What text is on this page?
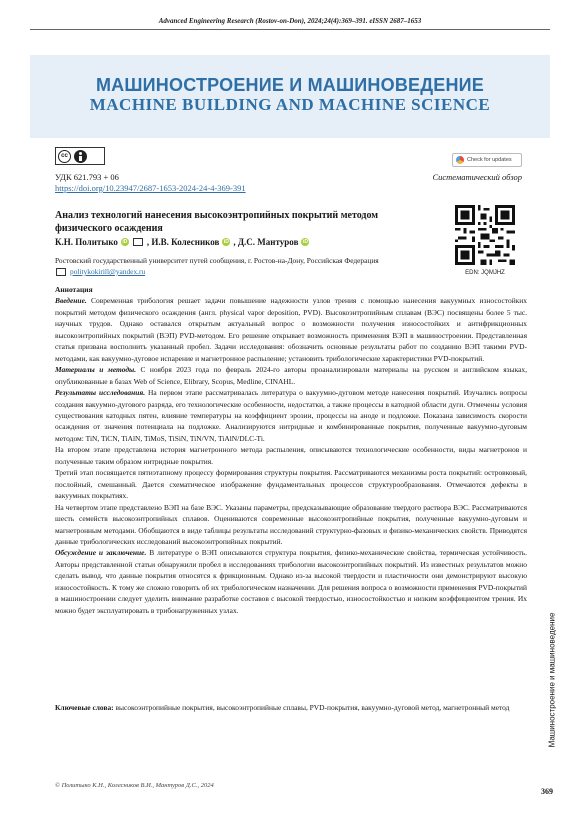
Advanced Engineering Research (Rostov-on-Don), 2024;24(4):369–391. eISSN 2687–1653
МАШИНОСТРОЕНИЕ И МАШИНОВЕДЕНИЕ
MACHINE BUILDING AND MACHINE SCIENCE
cc
Check for updates
УДК 621.793 + 06
https://doi.org/10.23947/2687-1653-2024-24-4-369-391
Систематический обзор
Анализ технологий нанесения высокоэнтропийных покрытий методом физического осаждения
EDN: JQMJHZ
К.Н. Политыко iD , И.В. Колесников iD , Д.С. Мантуров iD
Ростовский государственный университет путей сообщения, г. Ростов-на-Дону, Российская Федерация
politykokirill@yandex.ru
Аннотация

Введение. Современная трибология решает задачи повышение надежности узлов трения с помощью нанесения вакуумных износостойких покрытий методом физического осаждения (англ. physical vapor deposition, PVD). Высокоэнтропийным сплавам (ВЭС) посвящены более 5 тыс. научных трудов. Однако оставался открытым актуальный вопрос о возможности получения износостойких и антифрикционных высокоэнтропийных покрытий (ВЭП) PVD-методом. Его решение открывает возможность применения ВЭП в машиностроении. Представленная статья призвана восполнить указанный пробел. Задачи исследования: обозначить основные результаты работ по созданию ВЭП такими PVD-методами, как вакуумно-дуговое испарение и магнетронное распыление; установить трибологические характеристики PVD-покрытий.

Материалы и методы. С ноября 2023 года по февраль 2024-го авторы проанализировали материалы на русском и английском языках, опубликованные в базах Web of Science, Elibrary, Scopus, Medline, CINAHL.

Результаты исследования. На первом этапе рассматривалась литература о вакуумно-дуговом методе нанесения покрытий. Изучались вопросы создания вакуумно-дугового разряда, его технологические особенности, недостатки, а также процессы в катодной области дуги. Отмечены условия существования катодных пятен, влияние температуры на коэффициент эрозии, процессы на аноде и подложке. Показана зависимость скорости осаждения от значения потенциала на подложке. Анализируются нитридные и комбинированные покрытия, полученные вакуумно-дуговым методом: TiN, TiCN, TiAlN, TiMoS, TiSiN, TiN/VN, TiAlN/DLC-Ti.

На втором этапе представлена история магнетронного метода распыления, описываются технологические особенности, виды магнетронов и полученные таким образом нитридные покрытия.

Третий этап посвящается пятиэтапному процессу формирования структуры покрытия. Рассматриваются механизмы роста покрытий: островковый, послойный, смешанный. Дается схематическое изображение фундаментальных процессов структурообразования. Отмечаются дефекты в вакуумных покрытиях.

На четвертом этапе представлено ВЭП на базе ВЭС. Указаны параметры, предсказывающие образование твердого раствора ВЭС. Рассматриваются шесть семейств высокоэнтропийных сплавов. Оцениваются современные высокоэнтропийные покрытия, полученные вакуумно-дуговым и магнетронным методами. Обобщаются в виде таблицы результаты исследований структурно-фазовых и физико-механических свойств. Приводятся данные трибологических исследований высокоэнтропийных покрытий.

Обсуждение и заключение. В литературе о ВЭП описываются структура покрытия, физико-механические свойства, термическая устойчивость. Авторы представленной статьи обнаружили пробел в исследованиях трибологии высокоэнтропийных покрытий. Из известных результатов можно сделать вывод, что данные покрытия относятся к фрикционным. Однако из-за высокой твердости и пластичности они демонстрируют высокую износостойкость. К тому же сложно говорить об их трибологическом назначении. Для решения вопроса о возможности применения PVD-покрытий в машиностроении следует уделить внимание разработке составов с высокой твердостью, износостойкостью и низким коэффициентом трения. Их можно будет эксплуатировать в трибонагруженных узлах.

Ключевые слова: высокоэнтропийные покрытия, высокоэнтропийные сплавы, PVD-покрытия, вакуумно-дуговой метод, магнетронный метод	Машиностроение и машиноведение
© Политыко К.Н., Колесников В.И., Мантуров Д.С., 2024
369
